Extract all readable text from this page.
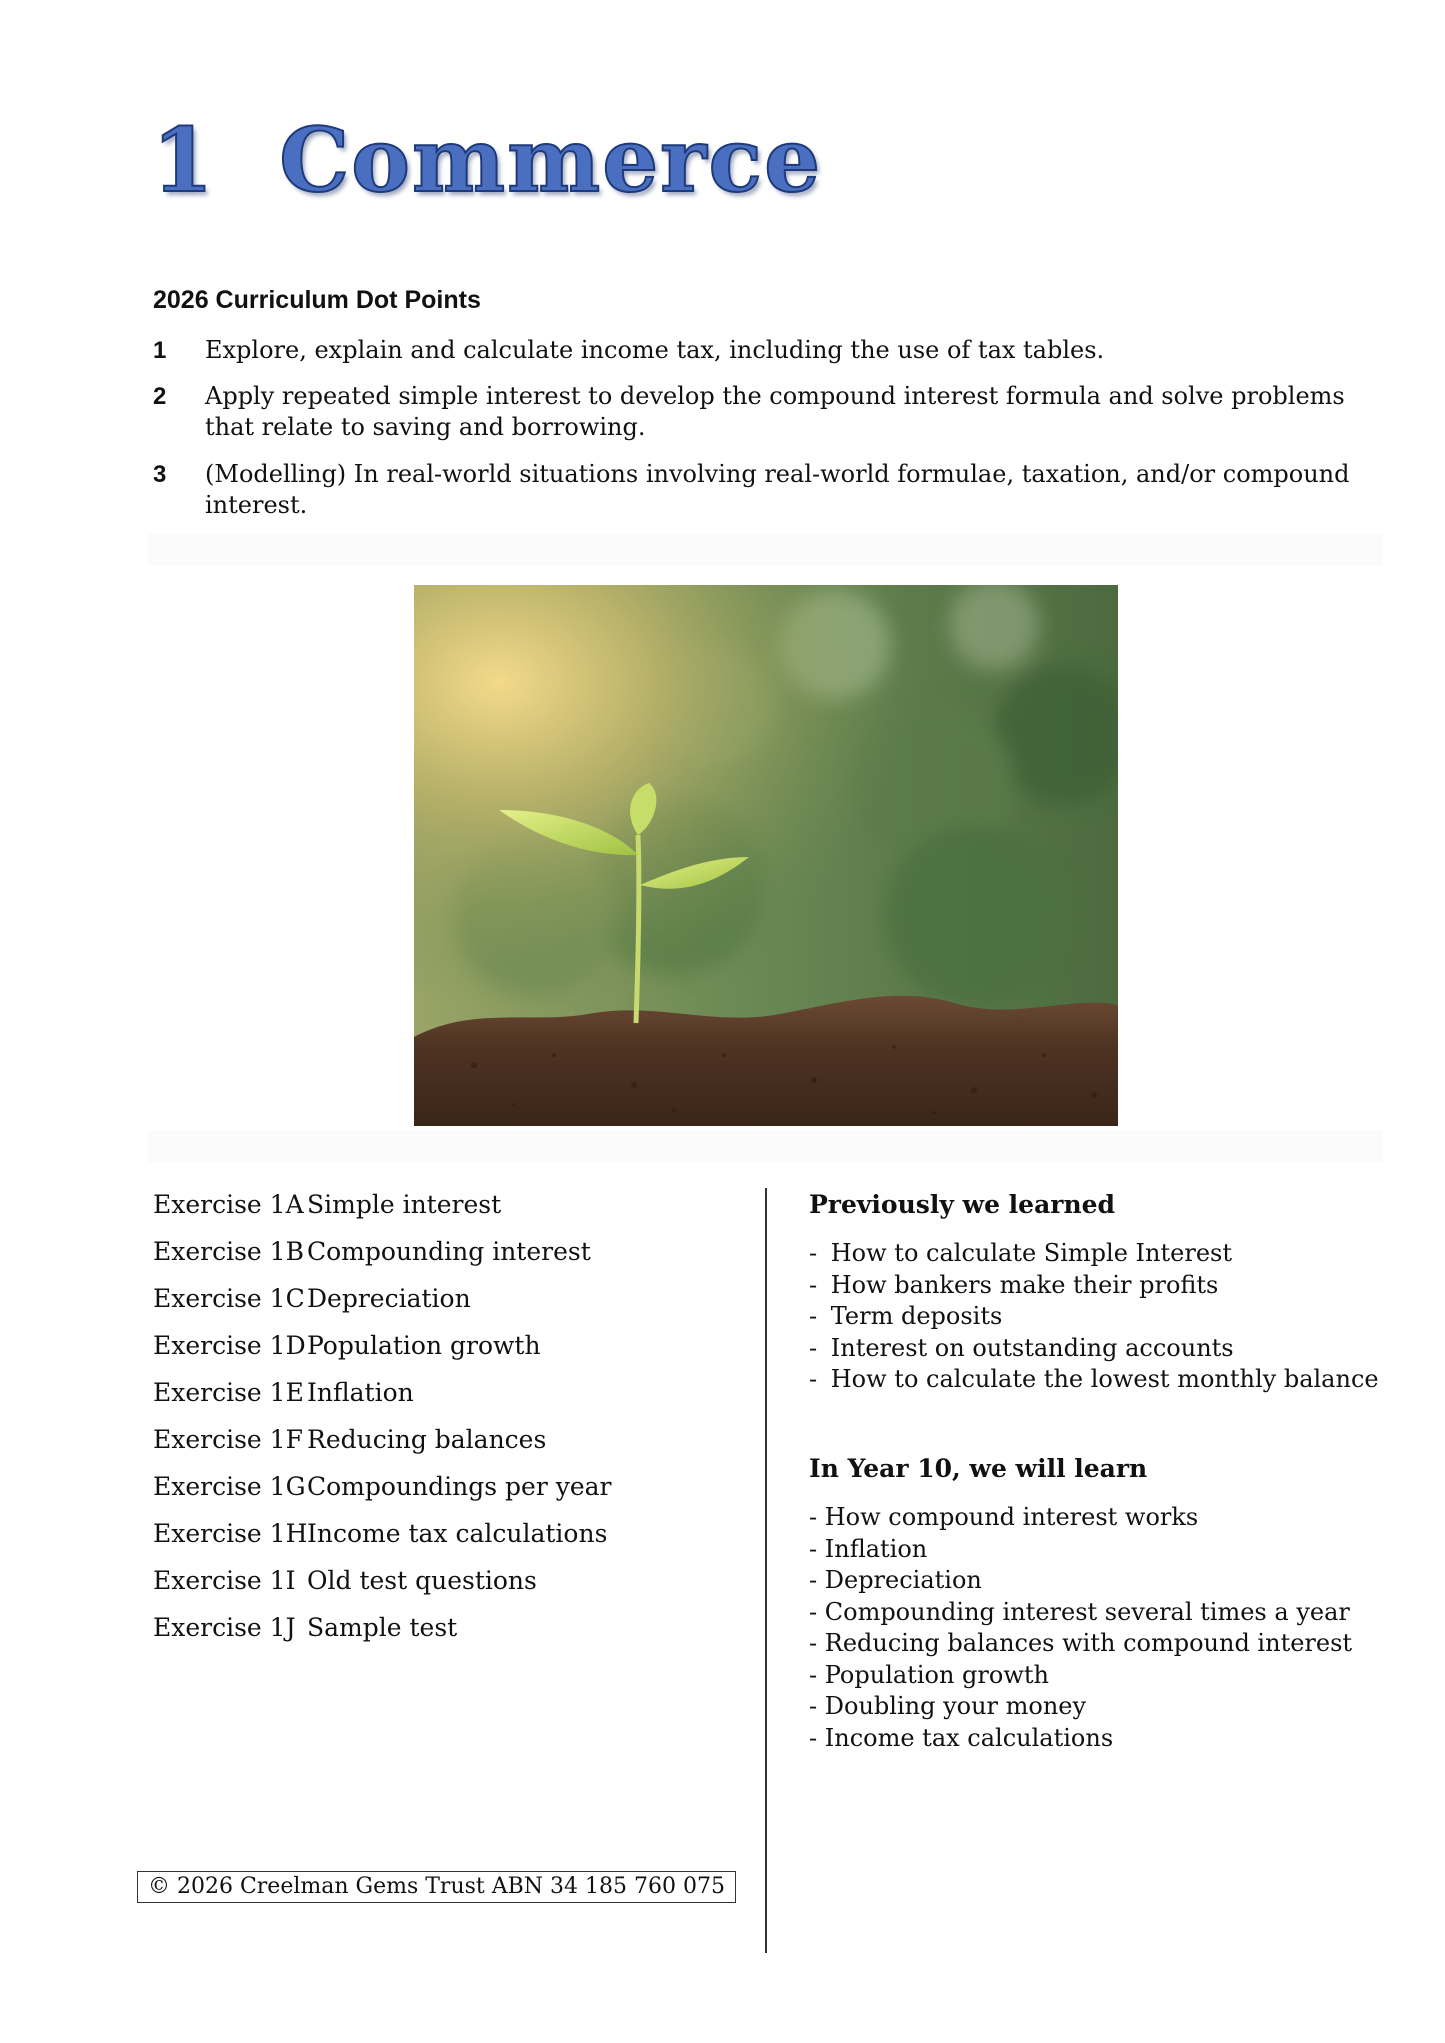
1 Commerce
2026 Curriculum Dot Points
1 Explore, explain and calculate income tax, including the use of tax tables.
2 Apply repeated simple interest to develop the compound interest formula and solve problems that relate to saving and borrowing.
3 (Modelling) In real-world situations involving real-world formulae, taxation, and/or compound interest.
Exercise 1A Simple interest
Exercise 1B Compounding interest
Exercise 1C Depreciation
Exercise 1D Population growth
Exercise 1E Inflation
Exercise 1F Reducing balances
Exercise 1G Compoundings per year
Exercise 1H Income tax calculations
Exercise 1I Old test questions
Exercise 1J Sample test
Previously we learned
- How to calculate Simple Interest
- How bankers make their profits
- Term deposits
- Interest on outstanding accounts
- How to calculate the lowest monthly balance
In Year 10, we will learn
- How compound interest works
- Inflation
- Depreciation
- Compounding interest several times a year
- Reducing balances with compound interest
- Population growth
- Doubling your money
- Income tax calculations
© 2026 Creelman Gems Trust ABN 34 185 760 075
